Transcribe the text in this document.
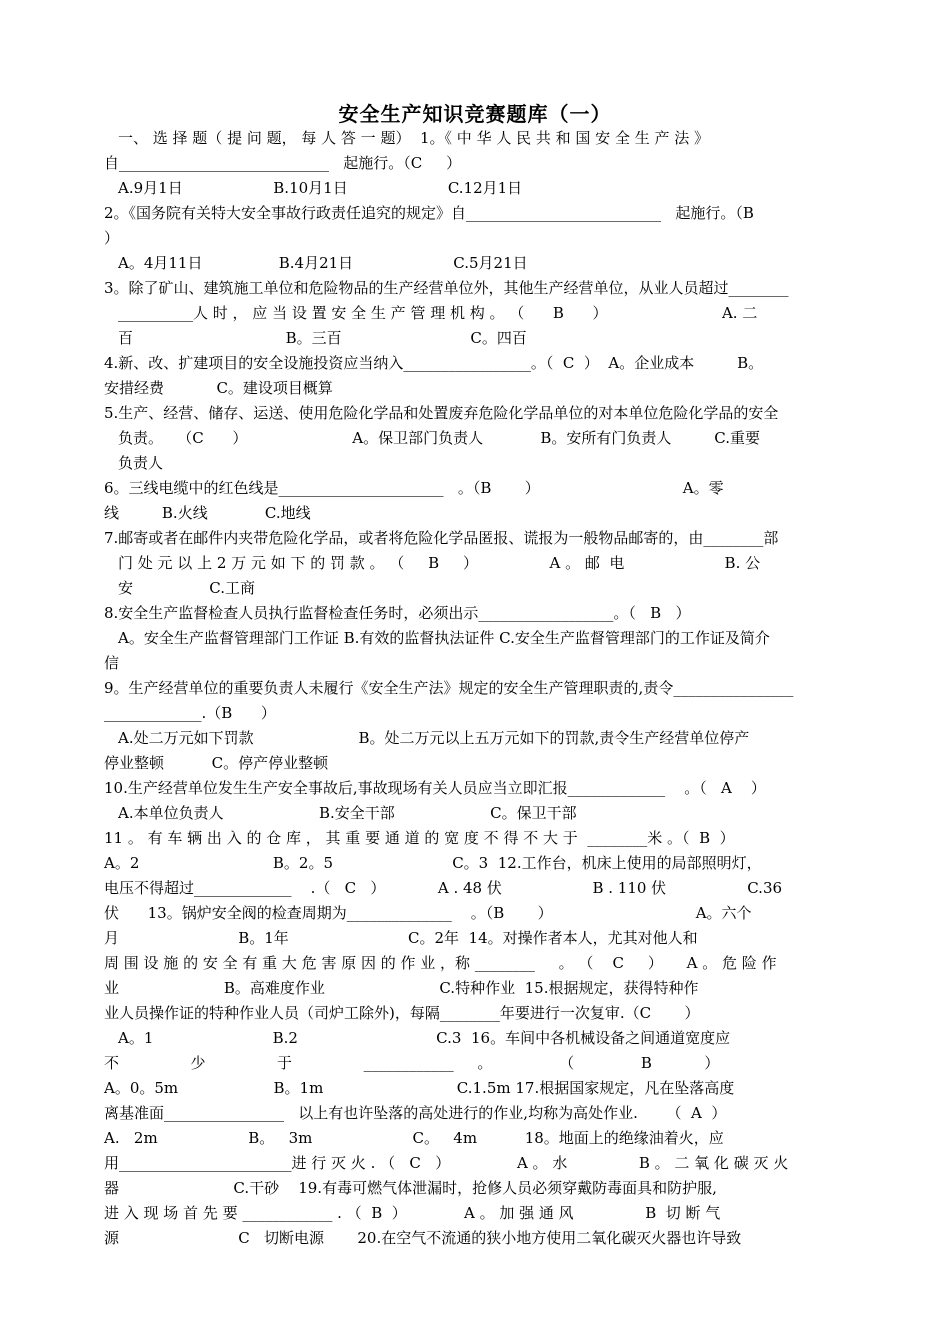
安全生产知识竞赛题库（一）
一、 选 择 题（ 提 问 题， 每 人 答 一 题）  1。《 中 华 人 民 共 和 国 安 全 生 产 法 》
自____________________________   起施行。（C     ）
A.9月1日                   B.10月1日                     C.12月1日
2。《国务院有关特大安全事故行政责任追究的规定》自__________________________   起施行。（B
）
A。4月11日                B.4月21日                     C.5月21日
3。除了矿山、建筑施工单位和危险物品的生产经营单位外，其他生产经营单位，从业人员超过________
__________人 时 ， 应 当 设 置 安 全 生 产 管 理 机 构 。 （      B      ）                        A. 二
百                                B。三百                           C。四百
4.新、改、扩建项目的安全设施投资应当纳入_________________。（  C  ）  A。企业成本         B。
安措经费           C。建设项目概算
5.生产、经营、储存、运送、使用危险化学品和处置废弃危险化学品单位的对本单位危险化学品的安全
负责。   （C      ）                      A。保卫部门负责人            B。安所有门负责人         C.重要
负责人
6。三线电缆中的红色线是______________________   。（B       ）                              A。零
线         B.火线            C.地线
7.邮寄或者在邮件内夹带危险化学品，或者将危险化学品匿报、谎报为一般物品邮寄的，由________部
门 处 元 以 上 2 万 元 如 下 的 罚 款 。 （     B     ）               A 。 邮  电                     B. 公
安                C.工商
8.安全生产监督检查人员执行监督检查任务时，必须出示__________________。（   B   ）
A。安全生产监督管理部门工作证 B.有效的监督执法证件 C.安全生产监督管理部门的工作证及简介
信
9。生产经营单位的重要负责人未履行《安全生产法》规定的安全生产管理职责的,责令________________
_____________.（B      ）
A.处二万元如下罚款                      B。处二万元以上五万元如下的罚款,责令生产经营单位停产
停业整顿          C。停产停业整顿
10.生产经营单位发生生产安全事故后,事故现场有关人员应当立即汇报_____________    。（   A    ）
A.本单位负责人                    B.安全干部                    C。保卫干部
11 。 有 车 辆 出 入 的 仓 库 ， 其 重 要 通 道 的 宽 度 不 得 不 大 于  ________米 。（  B  ）
A。2                            B。2。5                         C。3  12.工作台，机床上使用的局部照明灯，
电压不得超过_____________    .（   C   ）           A . 48 伏                   B . 110 伏                 C.36
伏      13。锅炉安全阀的检查周期为______________    。（B       ）                              A。六个
月                         B。1年                         C。2年  14。对操作者本人，尤其对他人和
周 围 设 施 的 安 全 有 重 大 危 害 原 因 的 作 业 ，称 ________     。 （    C     ）     A 。 危 险 作
业                      B。高难度作业                        C.特种作业  15.根据规定，获得特种作
业人员操作证的特种作业人员（司炉工除外)，每隔________年要进行一次复审.（C       ）
A。1                         B.2                             C.3  16。车间中各机械设备之间通道宽度应
不               少               于               ____________     。              （              B           ）
A。0。5m                    B。1m                            C.1.5m 17.根据国家规定，凡在坠落高度
离基准面________________   以上有也许坠落的高处进行的作业,均称为高处作业.      （  A  ）
A.   2m                   B。   3m                     C。   4m          18。地面上的绝缘油着火，应
用_______________________进 行 灭 火 . （   C   ）              A 。 水               B 。 二 氧 化 碳 灭 火
器                        C.干砂    19.有毒可燃气体泄漏时，抢修人员必须穿戴防毒面具和防护服,
进 入 现 场 首 先 要 ____________ . （  B  ）            A 。 加 强 通 风               B  切 断 气
源                         C   切断电源       20.在空气不流通的狭小地方使用二氧化碳灭火器也许导致
